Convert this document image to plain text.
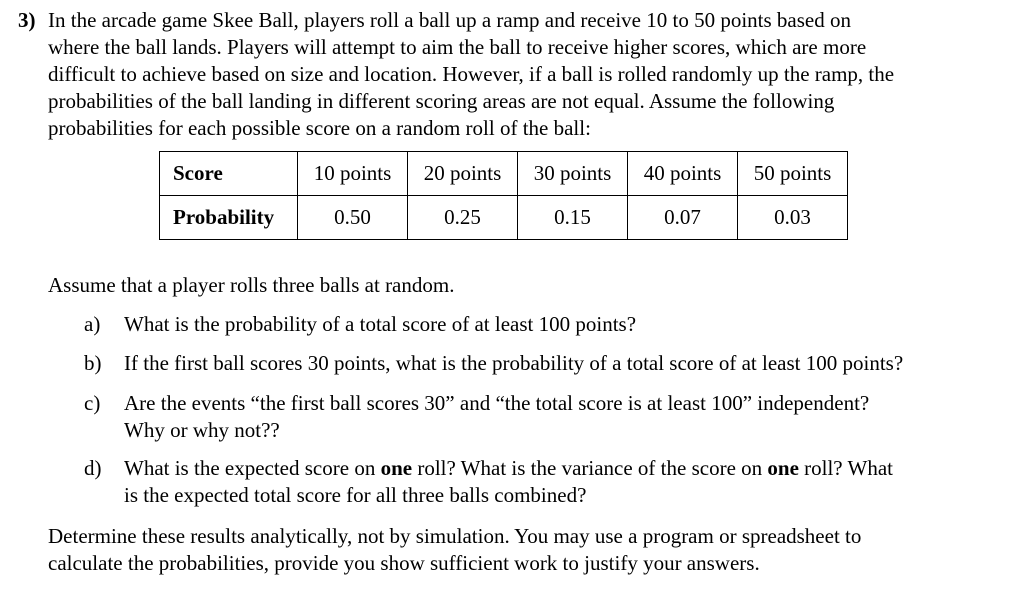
3) In the arcade game Skee Ball, players roll a ball up a ramp and receive 10 to 50 points based on
where the ball lands. Players will attempt to aim the ball to receive higher scores, which are more
difficult to achieve based on size and location. However, if a ball is rolled randomly up the ramp, the
probabilities of the ball landing in different scoring areas are not equal. Assume the following
probabilities for each possible score on a random roll of the ball:
Score	10 points	20 points	30 points	40 points	50 points
Probability	0.50	0.25	0.15	0.07	0.03
Assume that a player rolls three balls at random.
a) What is the probability of a total score of at least 100 points?
b) If the first ball scores 30 points, what is the probability of a total score of at least 100 points?
c) Are the events “the first ball scores 30” and “the total score is at least 100” independent?
Why or why not??
d) What is the expected score on one roll? What is the variance of the score on one roll? What
is the expected total score for all three balls combined?
Determine these results analytically, not by simulation. You may use a program or spreadsheet to
calculate the probabilities, provide you show sufficient work to justify your answers.
